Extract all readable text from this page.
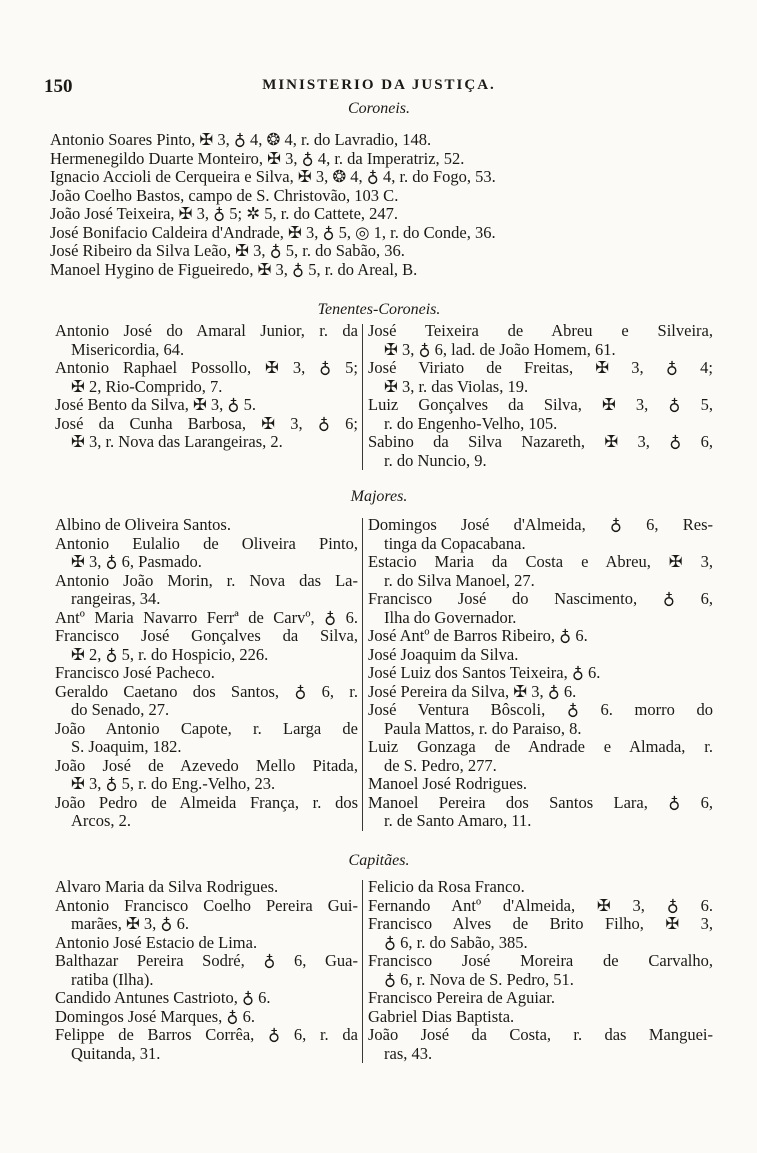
150	MINISTERIO DA JUSTIÇA.
Coroneis.
Antonio Soares Pinto, ✠ 3, ♁ 4, ❂ 4, r. do Lavradio, 148.
Hermenegildo Duarte Monteiro, ✠ 3, ♁ 4, r. da Imperatriz, 52.
Ignacio Accioli de Cerqueira e Silva, ✠ 3, ❂ 4, ♁ 4, r. do Fogo, 53.
João Coelho Bastos, campo de S. Christovão, 103 C.
João José Teixeira, ✠ 3, ♁ 5; ✲ 5, r. do Cattete, 247.
José Bonifacio Caldeira d'Andrade, ✠ 3, ♁ 5, ◎ 1, r. do Conde, 36.
José Ribeiro da Silva Leão, ✠ 3, ♁ 5, r. do Sabão, 36.
Manoel Hygino de Figueiredo, ✠ 3, ♁ 5, r. do Areal, B.
Tenentes-Coroneis.
Antonio José do Amaral Junior, r. da
Misericordia, 64.
Antonio Raphael Possollo, ✠ 3, ♁ 5;
✠ 2, Rio-Comprido, 7.
José Bento da Silva, ✠ 3, ♁ 5.
José da Cunha Barbosa, ✠ 3, ♁ 6;
✠ 3, r. Nova das Larangeiras, 2.
José Teixeira de Abreu e Silveira,
✠ 3, ♁ 6, lad. de João Homem, 61.
José Viriato de Freitas, ✠ 3, ♁ 4;
✠ 3, r. das Violas, 19.
Luiz Gonçalves da Silva, ✠ 3, ♁ 5,
r. do Engenho-Velho, 105.
Sabino da Silva Nazareth, ✠ 3, ♁ 6,
r. do Nuncio, 9.
Majores.
Albino de Oliveira Santos.
Antonio Eulalio de Oliveira Pinto,
✠ 3, ♁ 6, Pasmado.
Antonio João Morin, r. Nova das La-
rangeiras, 34.
Antº Maria Navarro Ferrª de Carvº, ♁ 6.
Francisco José Gonçalves da Silva,
✠ 2, ♁ 5, r. do Hospicio, 226.
Francisco José Pacheco.
Geraldo Caetano dos Santos, ♁ 6, r.
do Senado, 27.
João Antonio Capote, r. Larga de
S. Joaquim, 182.
João José de Azevedo Mello Pitada,
✠ 3, ♁ 5, r. do Eng.-Velho, 23.
João Pedro de Almeida França, r. dos
Arcos, 2.
Domingos José d'Almeida, ♁ 6, Res-
tinga da Copacabana.
Estacio Maria da Costa e Abreu, ✠ 3,
r. do Silva Manoel, 27.
Francisco José do Nascimento, ♁ 6,
Ilha do Governador.
José Antº de Barros Ribeiro, ♁ 6.
José Joaquim da Silva.
José Luiz dos Santos Teixeira, ♁ 6.
José Pereira da Silva, ✠ 3, ♁ 6.
José Ventura Bôscoli, ♁ 6. morro do
Paula Mattos, r. do Paraiso, 8.
Luiz Gonzaga de Andrade e Almada, r.
de S. Pedro, 277.
Manoel José Rodrigues.
Manoel Pereira dos Santos Lara, ♁ 6,
r. de Santo Amaro, 11.
Capitães.
Alvaro Maria da Silva Rodrigues.
Antonio Francisco Coelho Pereira Gui-
marães, ✠ 3, ♁ 6.
Antonio José Estacio de Lima.
Balthazar Pereira Sodré, ♁ 6, Gua-
ratiba (Ilha).
Candido Antunes Castrioto, ♁ 6.
Domingos José Marques, ♁ 6.
Felippe de Barros Corrêa, ♁ 6, r. da
Quitanda, 31.
Felicio da Rosa Franco.
Fernando Antº d'Almeida, ✠ 3, ♁ 6.
Francisco Alves de Brito Filho, ✠ 3,
♁ 6, r. do Sabão, 385.
Francisco José Moreira de Carvalho,
♁ 6, r. Nova de S. Pedro, 51.
Francisco Pereira de Aguiar.
Gabriel Dias Baptista.
João José da Costa, r. das Manguei-
ras, 43.
